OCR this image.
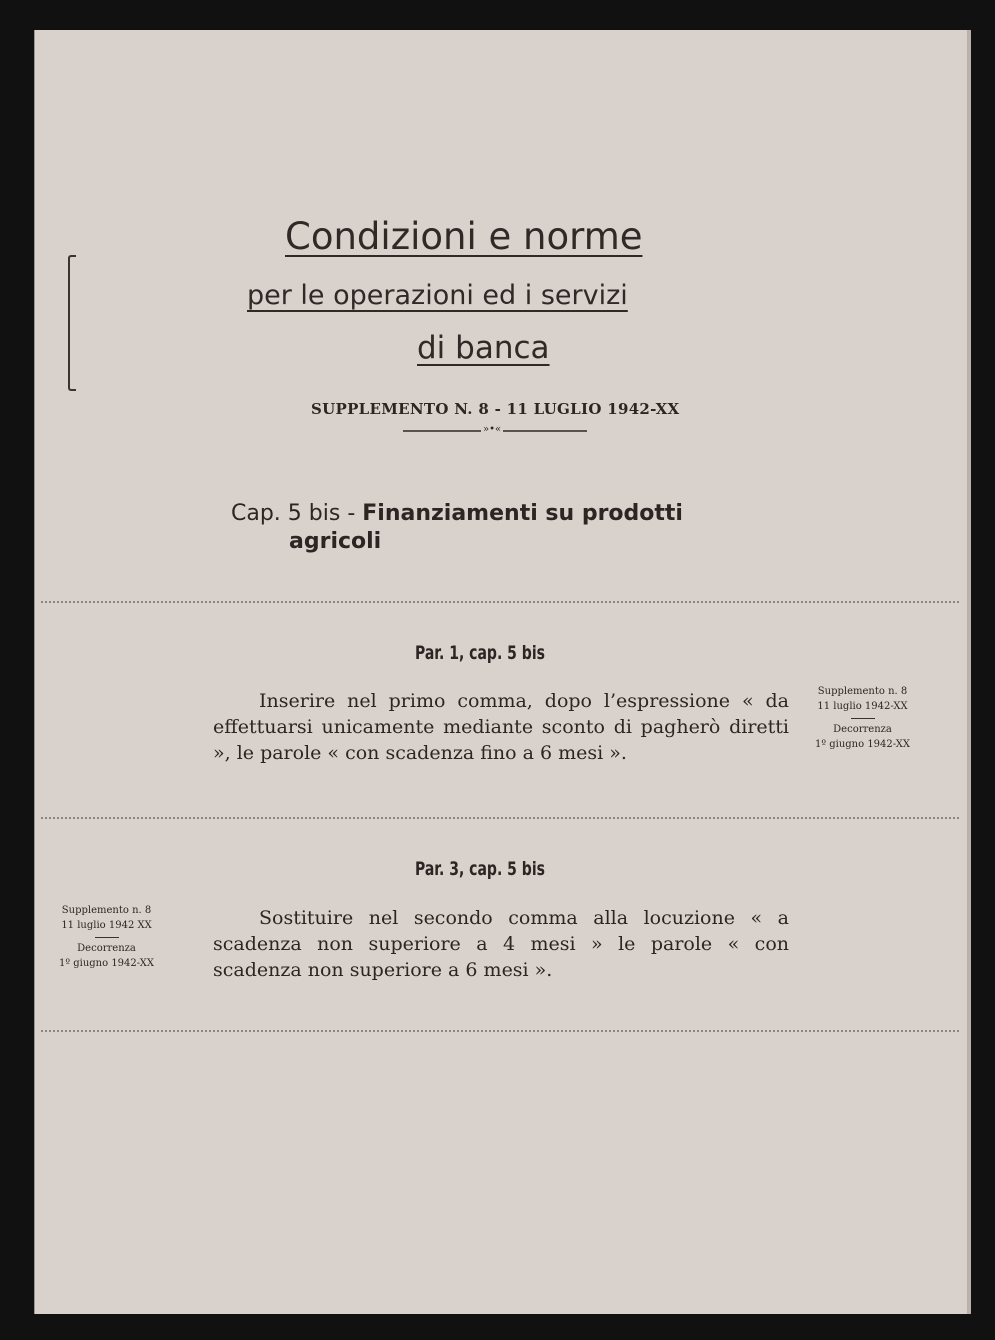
Condizioni e norme
per le operazioni ed i servizi
di banca
SUPPLEMENTO N. 8 - 11 LUGLIO 1942-XX
»•«
Cap. 5 bis - Finanziamenti su prodotti
agricoli
Par. 1, cap. 5 bis

Inserire nel primo comma, dopo l’espressione « da effettuarsi unicamente mediante sconto di pagherò diretti », le parole « con scadenza fino a 6 mesi ».

Supplemento n. 8
11 luglio 1942-XX
Decorrenza
1º giugno 1942-XX
Par. 3, cap. 5 bis

Sostituire nel secondo comma alla locuzione « a scadenza non superiore a 4 mesi » le parole « con scadenza non superiore a 6 mesi ».

Supplemento n. 8
11 luglio 1942 XX
Decorrenza
1º giugno 1942-XX
